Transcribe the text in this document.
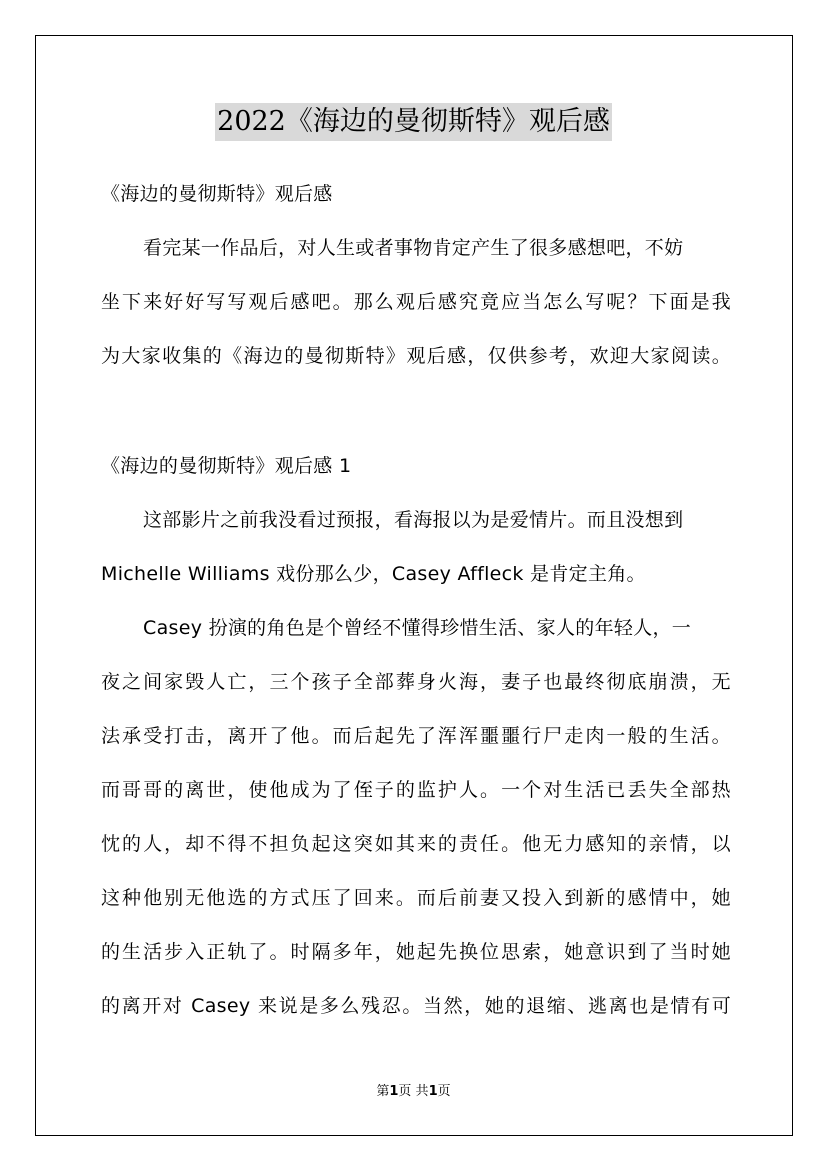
2022《海边的曼彻斯特》观后感
《海边的曼彻斯特》观后感
看完某一作品后，对人生或者事物肯定产生了很多感想吧，不妨
坐下来好好写写观后感吧。那么观后感究竟应当怎么写呢？下面是我
为大家收集的《海边的曼彻斯特》观后感，仅供参考，欢迎大家阅读。
《海边的曼彻斯特》观后感 1
这部影片之前我没看过预报，看海报以为是爱情片。而且没想到
Michelle Williams 戏份那么少，Casey Affleck 是肯定主角。
Casey 扮演的角色是个曾经不懂得珍惜生活、家人的年轻人，一
夜之间家毁人亡，三个孩子全部葬身火海，妻子也最终彻底崩溃，无
法承受打击，离开了他。而后起先了浑浑噩噩行尸走肉一般的生活。
而哥哥的离世，使他成为了侄子的监护人。一个对生活已丢失全部热
忱的人，却不得不担负起这突如其来的责任。他无力感知的亲情，以
这种他别无他选的方式压了回来。而后前妻又投入到新的感情中，她
的生活步入正轨了。时隔多年，她起先换位思索，她意识到了当时她
的离开对 Casey 来说是多么残忍。当然，她的退缩、逃离也是情有可
第1页 共1页
